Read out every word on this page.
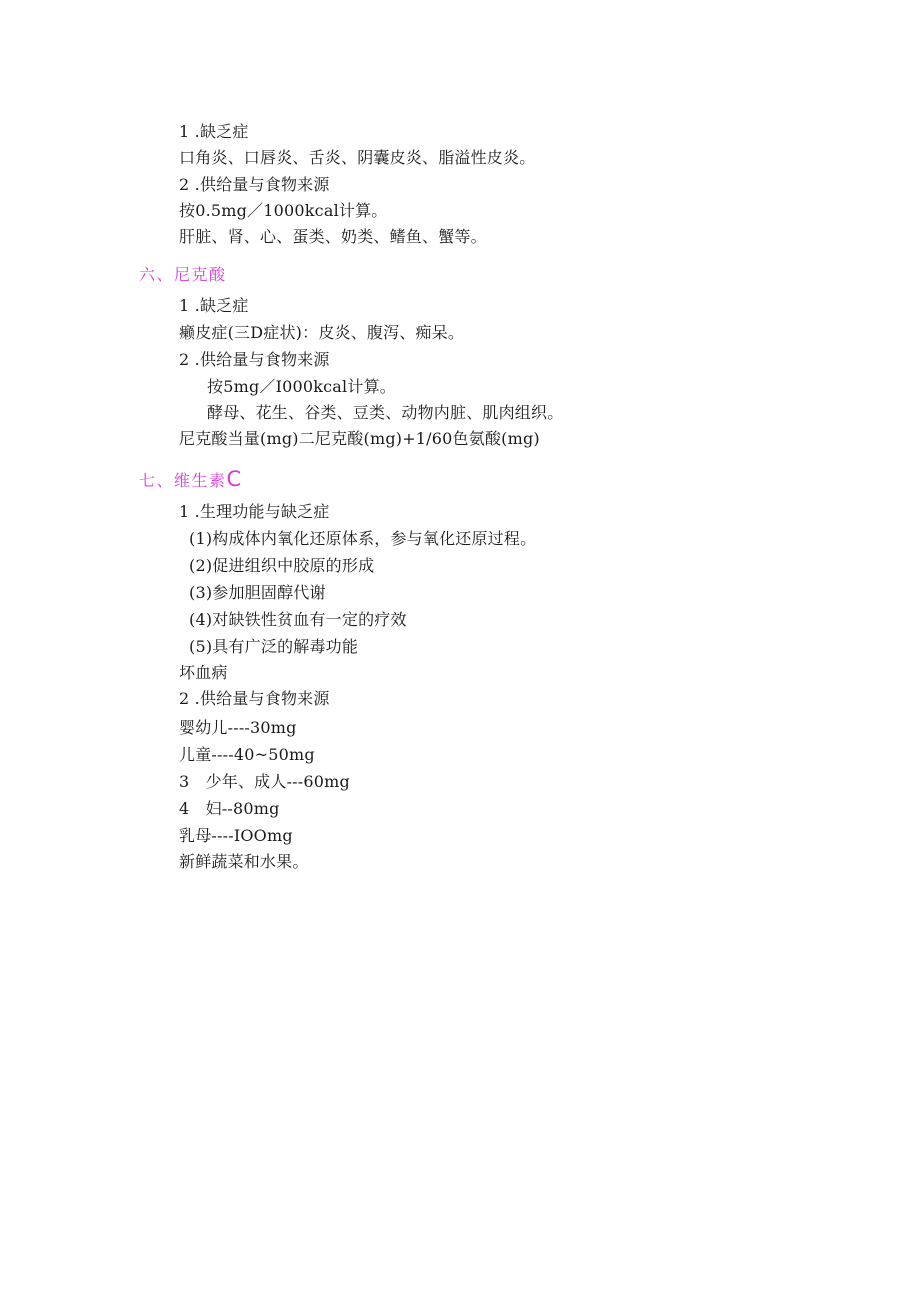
1 .缺乏症
口角炎、口唇炎、舌炎、阴囊皮炎、脂溢性皮炎。
2 .供给量与食物来源
按0.5mg／1000kcal计算。
肝脏、肾、心、蛋类、奶类、鳍鱼、蟹等。
六、尼克酸
1 .缺乏症
癞皮症(三D症状)：皮炎、腹泻、痴呆。
2 .供给量与食物来源
按5mg／I000kcal计算。
酵母、花生、谷类、豆类、动物内脏、肌肉组织。
尼克酸当量(mg)二尼克酸(mg)+1/60色氨酸(mg)
七、维生素C
1 .生理功能与缺乏症
(1)构成体内氧化还原体系，参与氧化还原过程。
(2)促进组织中胶原的形成
(3)参加胆固醇代谢
(4)对缺铁性贫血有一定的疗效
(5)具有广泛的解毒功能
坏血病
2 .供给量与食物来源
婴幼儿----30mg
儿童----40~50mg
3　少年、成人---60mg
4　妇--80mg
乳母----IOOmg
新鲜蔬菜和水果。
